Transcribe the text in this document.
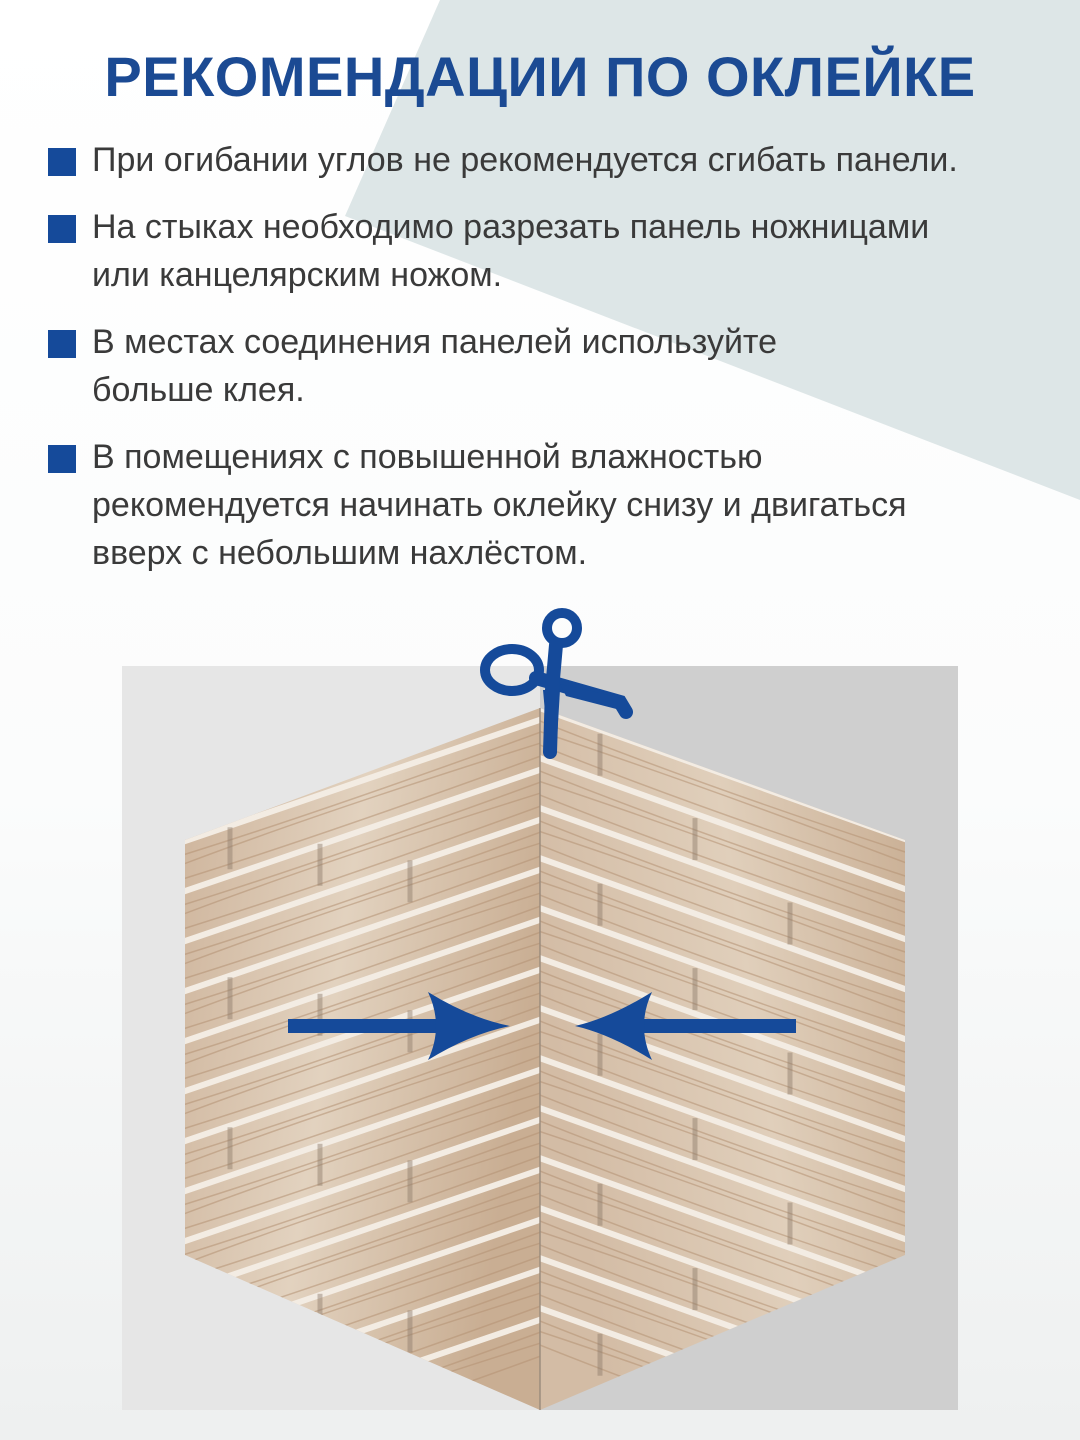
РЕКОМЕНДАЦИИ ПО ОКЛЕЙКЕ
При огибании углов не рекомендуется сгибать панели.
На стыках необходимо разрезать панель ножницами
или канцелярским ножом.
В местах соединения панелей используйте
больше клея.
В помещениях с повышенной влажностью
рекомендуется начинать оклейку снизу и двигаться
вверх с небольшим нахлёстом.
